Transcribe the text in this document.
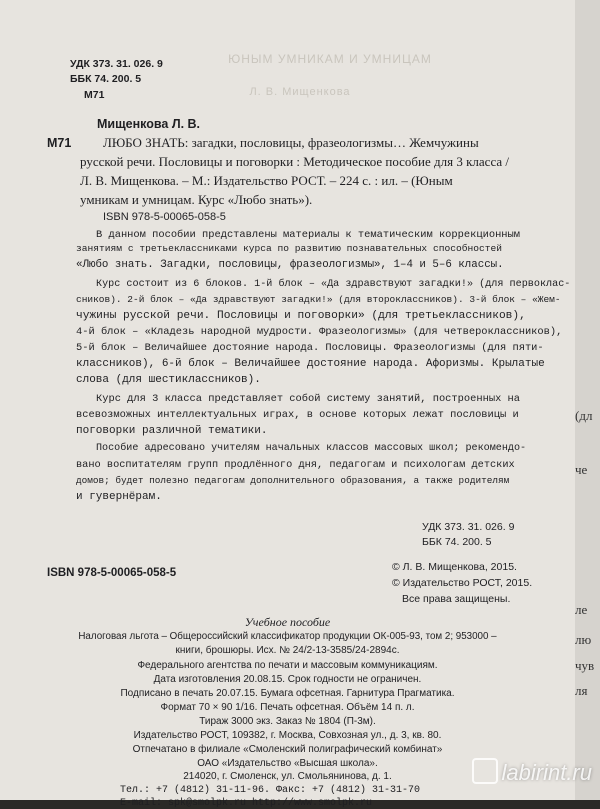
ЮНЫМ УМНИКАМ И УМНИЦАМ
Л. В. Мищенкова
УДК 373. 31. 026. 9
ББК 74. 200. 5
М71
Мищенкова Л. В.
М71 ЛЮБО ЗНАТЬ: загадки, пословицы, фразеологизмы… Жемчужины
русской речи. Пословицы и поговорки : Методическое пособие для 3 класса /
Л. В. Мищенкова. – М.: Издательство РОСТ. – 224 с. : ил. – (Юным
умникам и умницам. Курс «Любо знать»).
ISBN 978-5-00065-058-5
В данном пособии представлены материалы к тематическим коррекционным
занятиям с третьеклассниками курса по развитию познавательных способностей
«Любо знать. Загадки, пословицы, фразеологизмы», 1–4 и 5–6 классы.
Курс состоит из 6 блоков. 1-й блок – «Да здравствуют загадки!» (для первоклас-
сников). 2-й блок – «Да здравствуют загадки!» (для второклассников). 3-й блок – «Жем-
чужины русской речи. Пословицы и поговорки» (для третьеклассников),
4-й блок – «Кладезь народной мудрости. Фразеологизмы» (для четвероклассников),
5-й блок – Величайшее достояние народа. Пословицы. Фразеологизмы (для пяти-
классников), 6-й блок – Величайшее достояние народа. Афоризмы. Крылатые
слова (для шестиклассников).
Курс для 3 класса представляет собой систему занятий, построенных на
всевозможных интеллектуальных играх, в основе которых лежат пословицы и
поговорки различной тематики.
Пособие адресовано учителям начальных классов массовых школ; рекомендо-
вано воспитателям групп продлённого дня, педагогам и психологам детских
домов; будет полезно педагогам дополнительного образования, а также родителям
и гувернёрам.
УДК 373. 31. 026. 9
ББК 74. 200. 5
© Л. В. Мищенкова, 2015.
© Издательство РОСТ, 2015.
Все права защищены.
ISBN 978-5-00065-058-5
Учебное пособие
Налоговая льгота – Общероссийский классификатор продукции ОК-005-93, том 2; 953000 –
книги, брошюры. Исх. № 24/2-13-3585/24-2894с.
Федерального агентства по печати и массовым коммуникациям.
Дата изготовления 20.08.15. Срок годности не ограничен.
Подписано в печать 20.07.15. Бумага офсетная. Гарнитура Прагматика.
Формат 70 × 90 1/16. Печать офсетная. Объём 14 п. л.
Тираж 3000 экз. Заказ № 1804 (П-3м).
Издательство РОСТ, 109382, г. Москва, Совхозная ул., д. 3, кв. 80.
Отпечатано в филиале «Смоленский полиграфический комбинат»
ОАО «Издательство «Высшая школа».
214020, г. Смоленск, ул. Смольянинова, д. 1.
Тел.: +7 (4812) 31-11-96. Факс: +7 (4812) 31-31-70
E-mail: spk@smolpk.ru http://www.smolpk.ru
(дл
че
ле
лю
чув
ля
labirint.ru
